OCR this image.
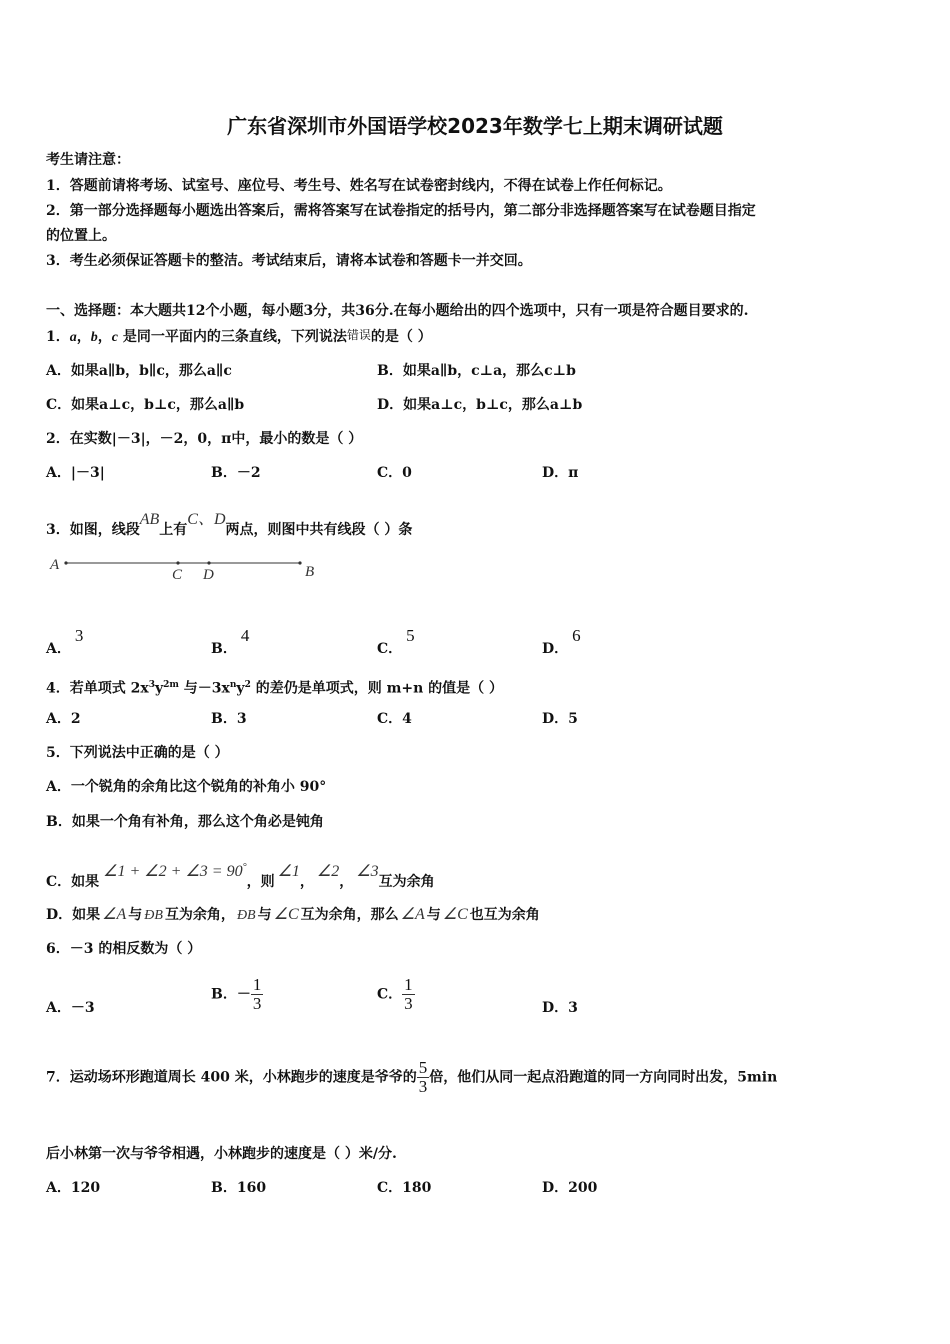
广东省深圳市外国语学校2023年数学七上期末调研试题
考生请注意：
1．答题前请将考场、试室号、座位号、考生号、姓名写在试卷密封线内，不得在试卷上作任何标记。
2．第一部分选择题每小题选出答案后，需将答案写在试卷指定的括号内，第二部分非选择题答案写在试卷题目指定
的位置上。
3．考生必须保证答题卡的整洁。考试结束后，请将本试卷和答题卡一并交回。
一、选择题：本大题共12个小题，每小题3分，共36分.在每小题给出的四个选项中，只有一项是符合题目要求的.
1．a，b，c 是同一平面内的三条直线，下列说法错误的是（ ）
A．如果a∥b，b∥c，那么a∥c	B．如果a∥b，c⊥a，那么c⊥b
C．如果a⊥c，b⊥c，那么a∥b	D．如果a⊥c，b⊥c，那么a⊥b
2．在实数|－3|，－2，0，π中，最小的数是（ ）
A．|－3|	B．－2	C．0	D．π
3．如图，线段AB上有C、D两点，则图中共有线段（ ）条
A
C D	B
A．3
B．4
C．5
D．6
4．若单项式 $2x^3y^{2m}$ 与$-3x^ny^2$ 的差仍是单项式，则 m+n 的值是（ ）
A．2	B．3	C．4	D．5
5．下列说法中正确的是（ ）
A．一个锐角的余角比这个锐角的补角小 90°
B．如果一个角有补角，那么这个角必是钝角
C．如果∠1 + ∠2 + ∠3 = 90°，则∠1，∠2，∠3互为余角
D．如果 ∠A 与 ÐB 互为余角， ÐB 与 ∠C 互为余角，那么 ∠A 与 ∠C 也互为余角
6．－3 的相反数为（ ）
A．－3
B．－ $\frac{1}{3}$	C． $\frac{1}{3}$	D．3
7．运动场环形跑道周长 400 米，小林跑步的速度是爷爷的 $\frac{5}{3}$ 倍，他们从同一起点沿跑道的同一方向同时出发，5min
后小林第一次与爷爷相遇，小林跑步的速度是（ ）米/分.
A．120	B．160	C．180	D．200
